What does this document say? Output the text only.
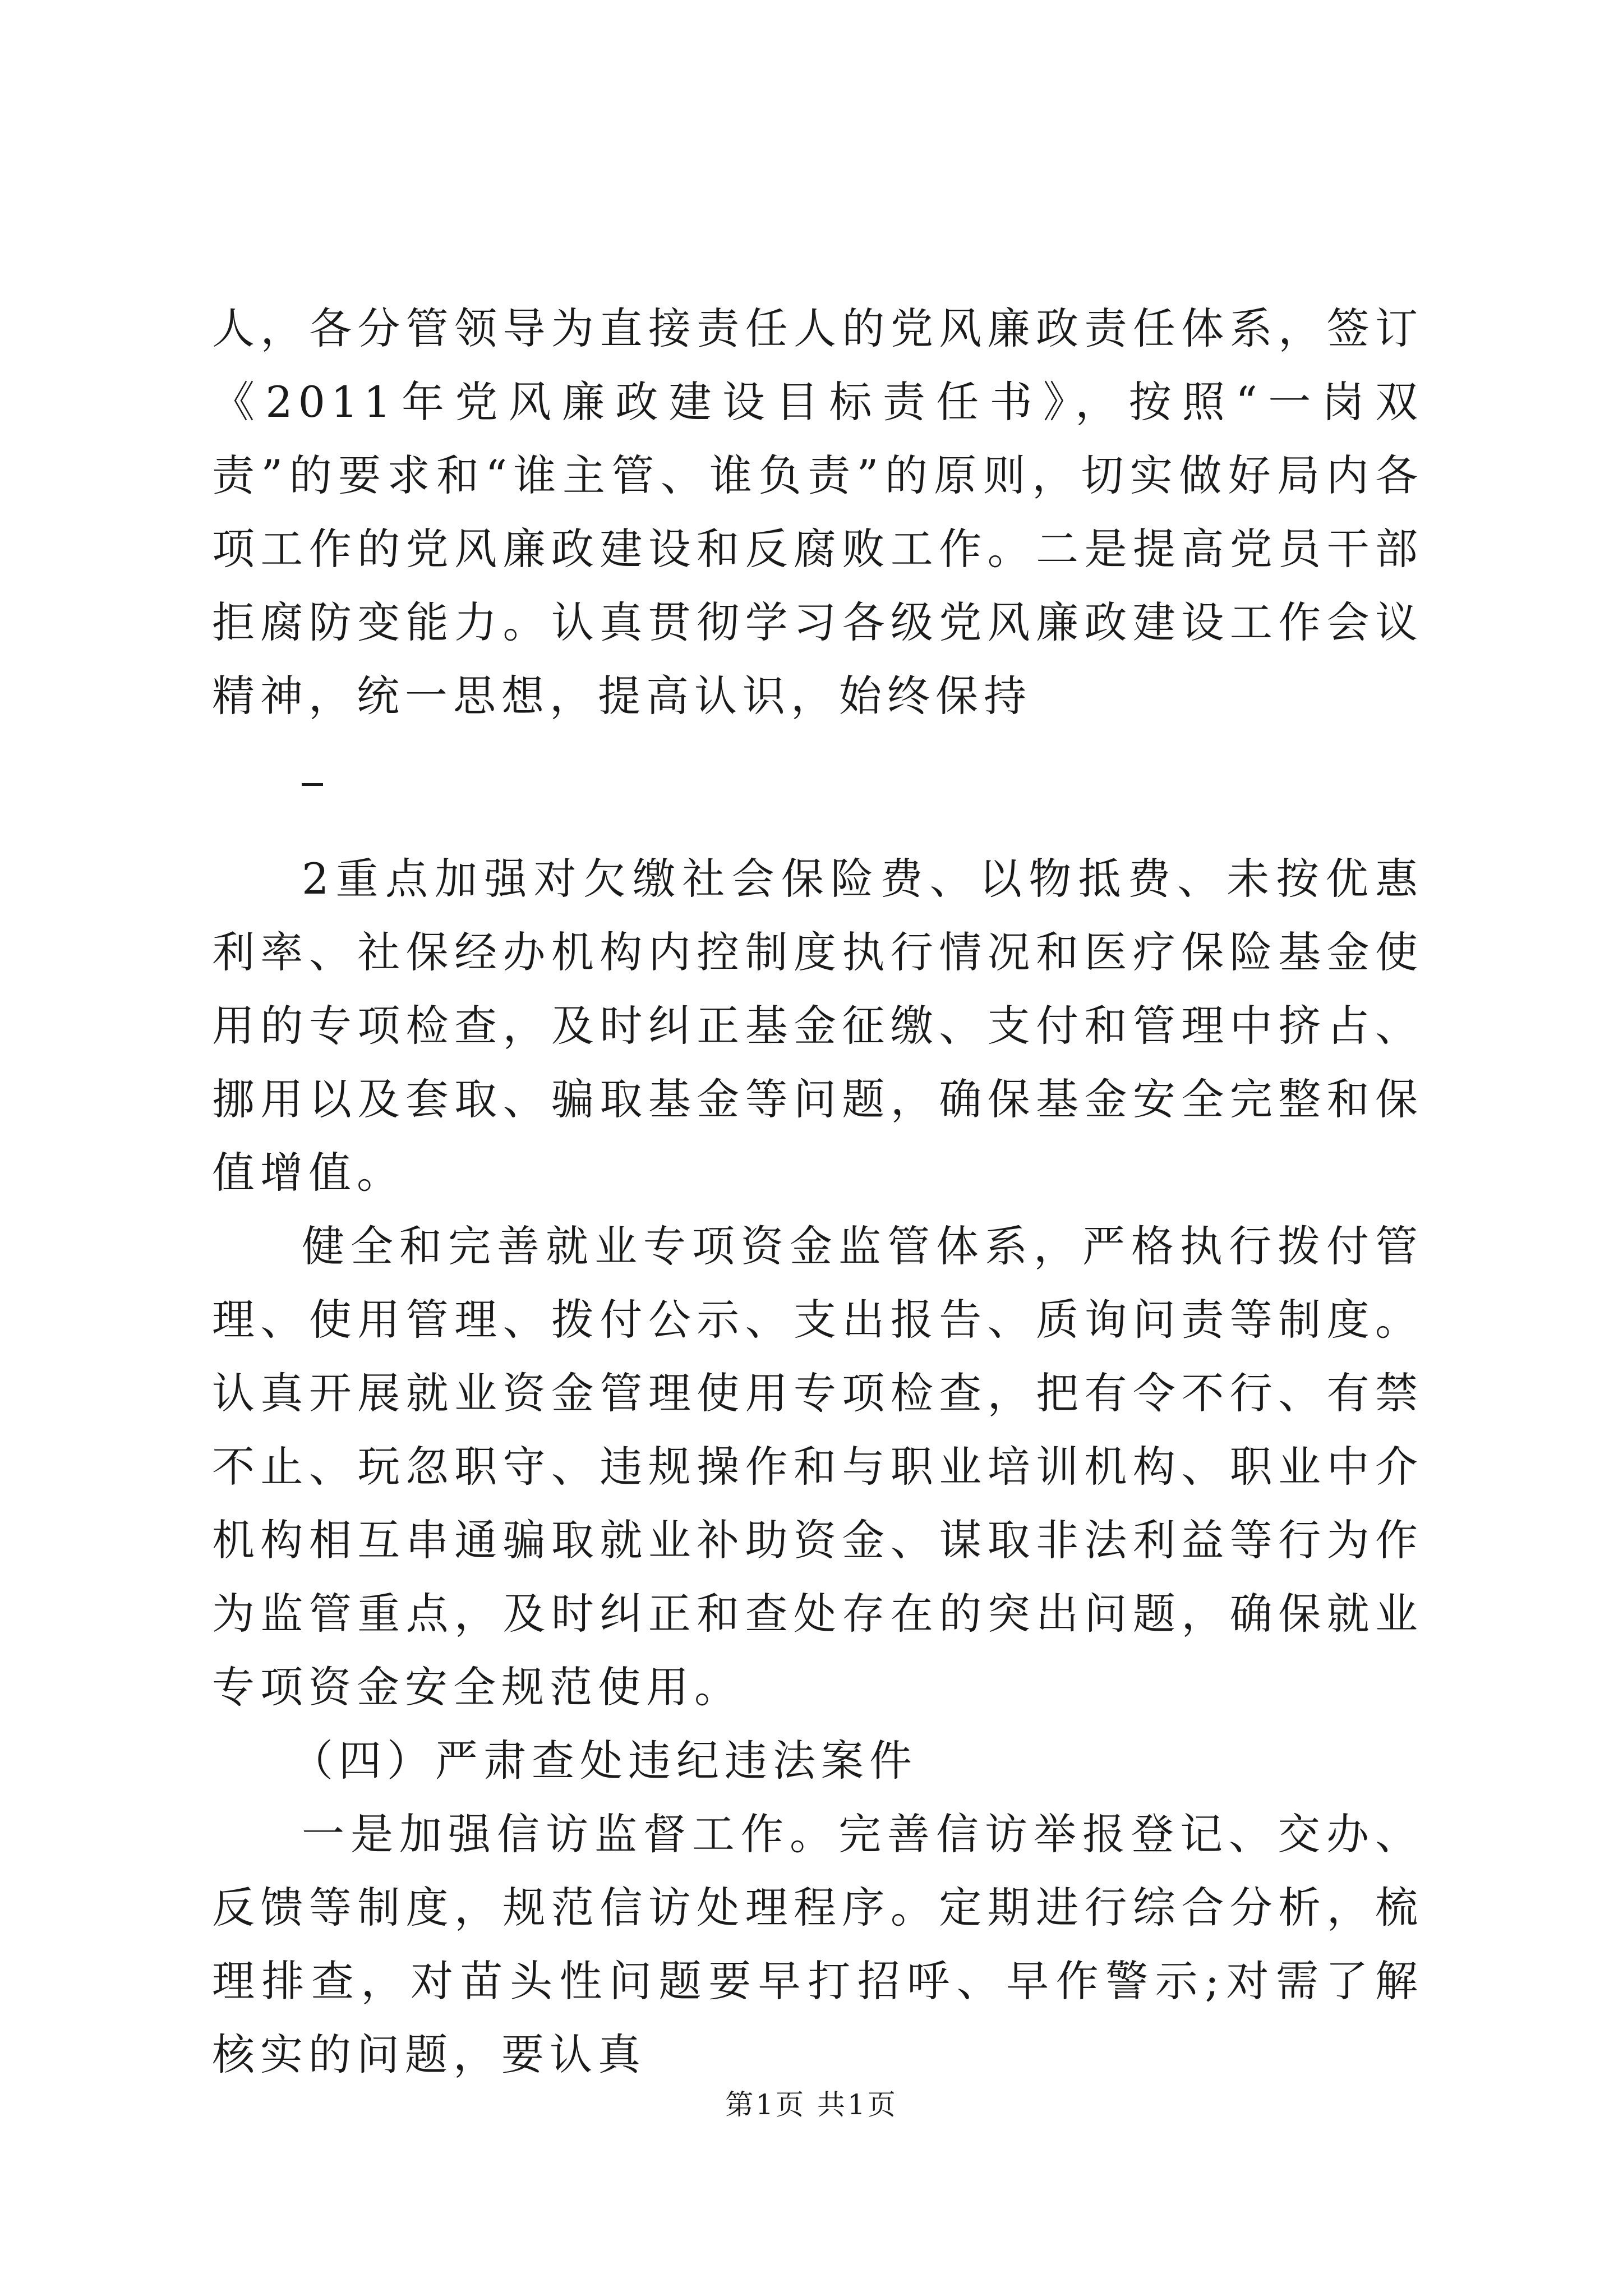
人，各分管领导为直接责任人的党风廉政责任体系，签订《2011年党风廉政建设目标责任书》，按照“一岗双责”的要求和“谁主管、谁负责”的原则，切实做好局内各项工作的党风廉政建设和反腐败工作。二是提高党员干部拒腐防变能力。认真贯彻学习各级党风廉政建设工作会议精神，统一思想，提高认识，始终保持

2重点加强对欠缴社会保险费、以物抵费、未按优惠利率、社保经办机构内控制度执行情况和医疗保险基金使用的专项检查，及时纠正基金征缴、支付和管理中挤占、挪用以及套取、骗取基金等问题，确保基金安全完整和保值增值。

健全和完善就业专项资金监管体系，严格执行拨付管理、使用管理、拨付公示、支出报告、质询问责等制度。认真开展就业资金管理使用专项检查，把有令不行、有禁不止、玩忽职守、违规操作和与职业培训机构、职业中介机构相互串通骗取就业补助资金、谋取非法利益等行为作为监管重点，及时纠正和查处存在的突出问题，确保就业专项资金安全规范使用。

（四）严肃查处违纪违法案件

一是加强信访监督工作。完善信访举报登记、交办、反馈等制度，规范信访处理程序。定期进行综合分析，梳理排查，对苗头性问题要早打招呼、早作警示;对需了解核实的问题，要认真

第1页 共1页
